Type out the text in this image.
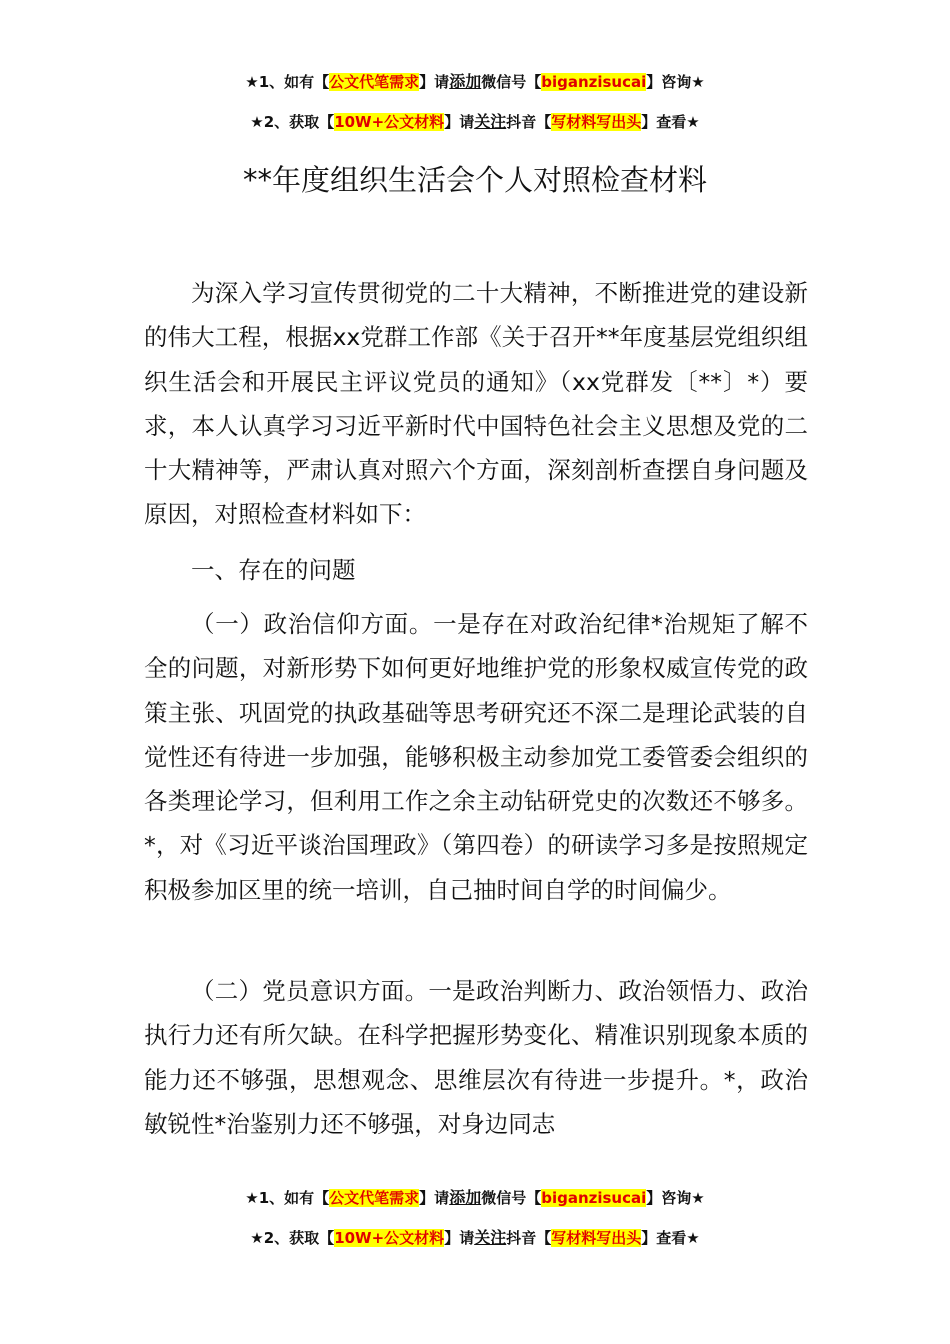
★1、如有【公文代笔需求】请添加微信号【biganzisucai】咨询★
★2、获取【10W+公文材料】请关注抖音【写材料写出头】查看★
**年度组织生活会个人对照检查材料

为深入学习宣传贯彻党的二十大精神，不断推进党的建设新的伟大工程，根据xx党群工作部《关于召开**年度基层党组织组织生活会和开展民主评议党员的通知》（xx党群发〔**〕*）要求，本人认真学习习近平新时代中国特色社会主义思想及党的二十大精神等，严肃认真对照六个方面，深刻剖析查摆自身问题及原因，对照检查材料如下：

一、存在的问题

（一）政治信仰方面。一是存在对政治纪律*治规矩了解不全的问题，对新形势下如何更好地维护党的形象权威宣传党的政策主张、巩固党的执政基础等思考研究还不深二是理论武装的自觉性还有待进一步加强，能够积极主动参加党工委管委会组织的各类理论学习，但利用工作之余主动钻研党史的次数还不够多。*，对《习近平谈治国理政》（第四卷）的研读学习多是按照规定积极参加区里的统一培训，自己抽时间自学的时间偏少。

（二）党员意识方面。一是政治判断力、政治领悟力、政治执行力还有所欠缺。在科学把握形势变化、精准识别现象本质的能力还不够强，思想观念、思维层次有待进一步提升。*，政治敏锐性*治鉴别力还不够强，对身边同志

★1、如有【公文代笔需求】请添加微信号【biganzisucai】咨询★
★2、获取【10W+公文材料】请关注抖音【写材料写出头】查看★
